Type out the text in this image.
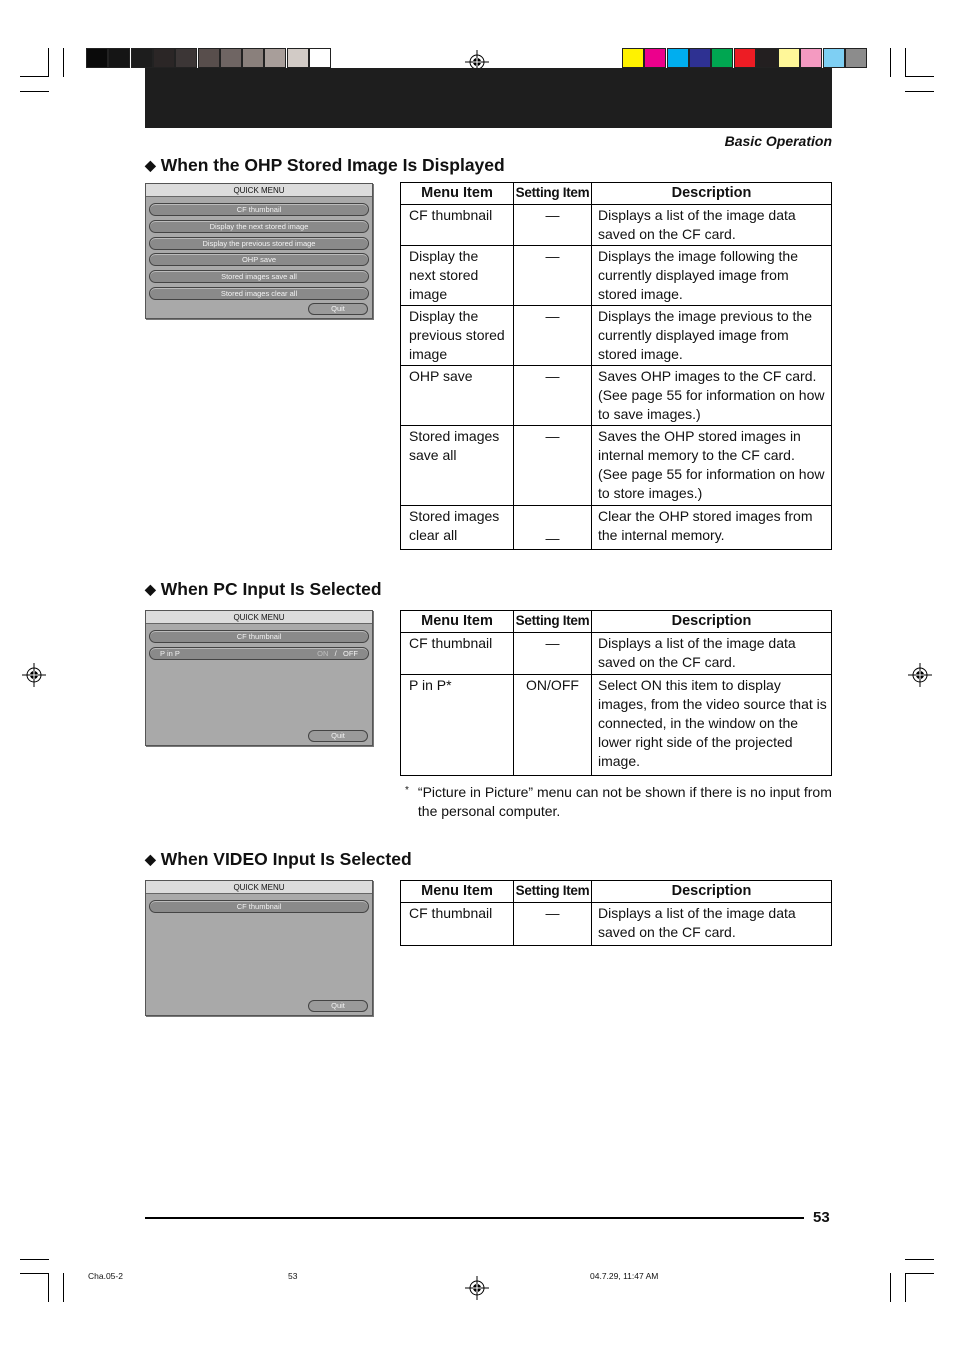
Basic Operation
◆ When the OHP Stored Image Is Displayed
QUICK MENU
CF thumbnail
Display the next stored image
Display the previous stored image
OHP save
Stored images save all
Stored images clear all
Quit
Menu Item	Setting Item	Description
CF thumbnail	—	Displays a list of the image data saved on the CF card.
Display the next stored image	—	Displays the image following the currently displayed image from stored image.
Display the previous stored image	—	Displays the image previous to the currently displayed image from stored image.
OHP save	—	Saves OHP images to the CF card. (See page 55 for information on how to save images.)
Stored images save all	—	Saves the OHP stored images in internal memory to the CF card. (See page 55 for information on how to store images.)
Stored images clear all	—	Clear the OHP stored images from the internal memory.
◆ When PC Input Is Selected
QUICK MENU
CF thumbnail
P in P	ON / OFF
Quit
Menu Item	Setting Item	Description
CF thumbnail	—	Displays a list of the image data saved on the CF card.
P in P*	ON/OFF	Select ON this item to display images, from the video source that is connected, in the window on the lower right side of the projected image.
* “Picture in Picture” menu can not be shown if there is no input from the personal computer.
◆ When VIDEO Input Is Selected
QUICK MENU
CF thumbnail
Quit
Menu Item	Setting Item	Description
CF thumbnail	—	Displays a list of the image data saved on the CF card.
53
Cha.05-2	53	04.7.29, 11:47 AM
